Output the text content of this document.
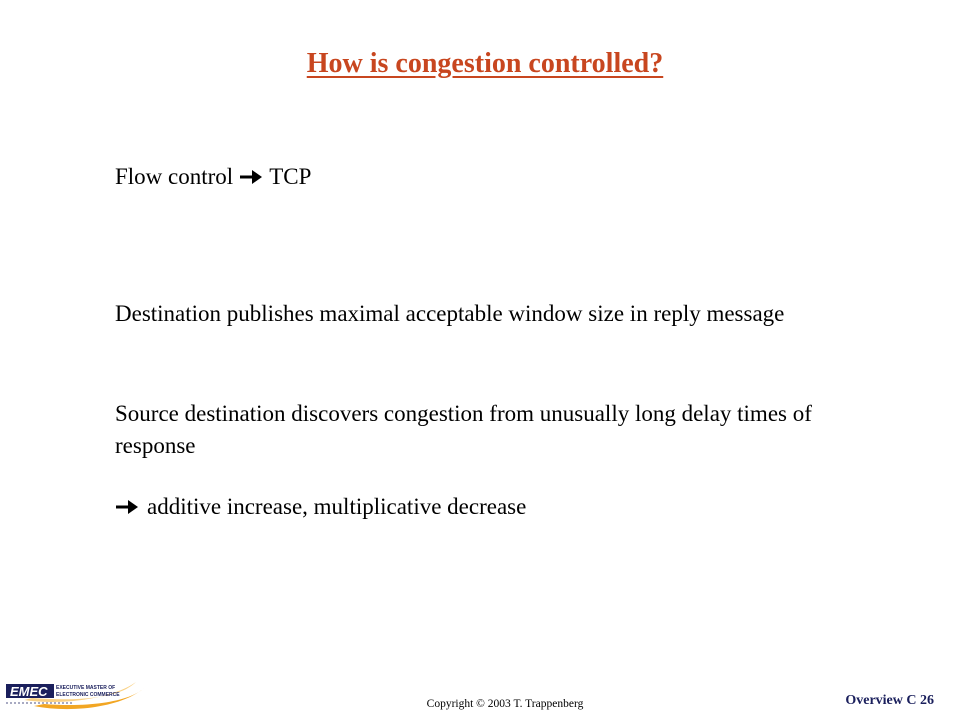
How is congestion controlled?
Flow control TCP
Destination publishes maximal acceptable window size in reply message
Source destination discovers congestion from unusually long delay times of response
additive increase, multiplicative decrease
EMEC EXECUTIVE MASTER OF
ELECTRONIC COMMERCE
Copyright © 2003 T. Trappenberg	Overview C 26
